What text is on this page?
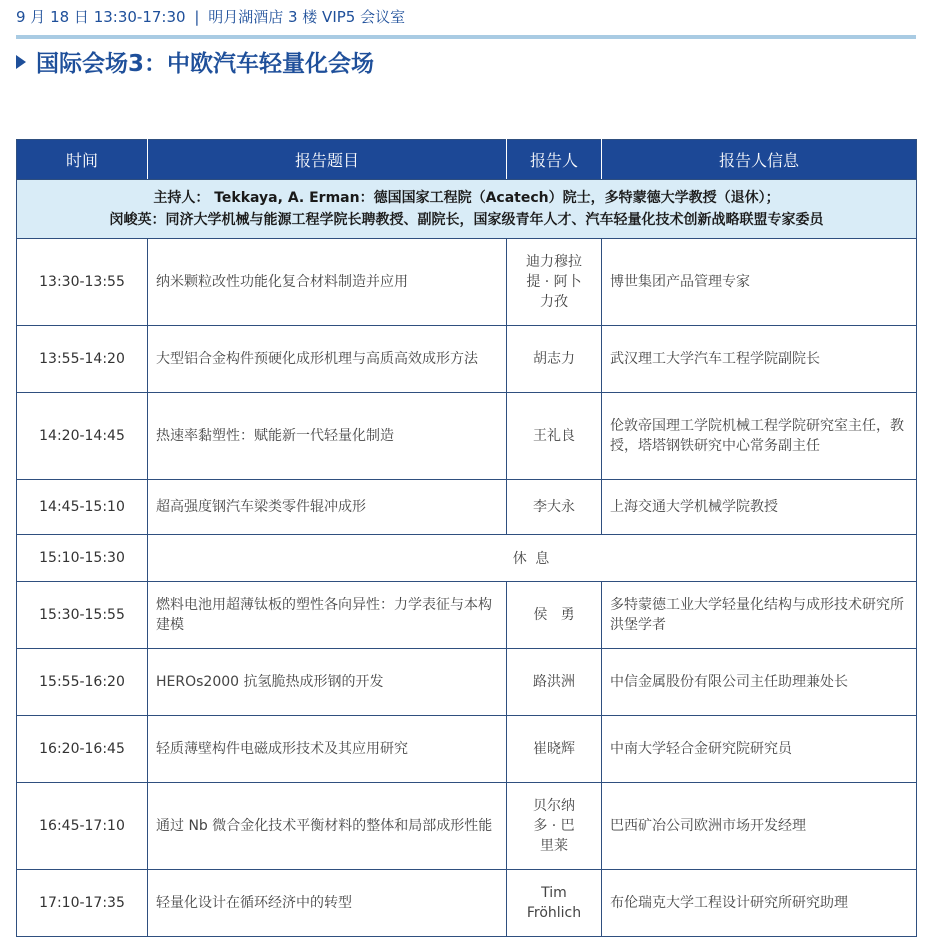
9 月 18 日 13:30-17:30 | 明月湖酒店 3 楼 VIP5 会议室
国际会场3：中欧汽车轻量化会场
时间	报告题目	报告人	报告人信息

主持人： Tekkaya, A. Erman：德国国家工程院（Acatech）院士，多特蒙德大学教授（退休）；
闵峻英：同济大学机械与能源工程学院长聘教授、副院长，国家级青年人才、汽车轻量化技术创新战略联盟专家委员			

13:30-13:55	纳米颗粒改性功能化复合材料制造并应用	迪力穆拉提 · 阿卜力孜	博世集团产品管理专家
13:55-14:20	大型铝合金构件预硬化成形机理与高质高效成形方法	胡志力	武汉理工大学汽车工程学院副院长
14:20-14:45	热速率黏塑性：赋能新一代轻量化制造	王礼良	伦敦帝国理工学院机械工程学院研究室主任，教授，塔塔钢铁研究中心常务副主任
14:45-15:10	超高强度钢汽车梁类零件辊冲成形	李大永	上海交通大学机械学院教授
15:10-15:30	休 息		
15:30-15:55	燃料电池用超薄钛板的塑性各向异性：力学表征与本构建模	侯   勇	多特蒙德工业大学轻量化结构与成形技术研究所洪堡学者
15:55-16:20	HEROs2000 抗氢脆热成形钢的开发	路洪洲	中信金属股份有限公司主任助理兼处长
16:20-16:45	轻质薄壁构件电磁成形技术及其应用研究	崔晓辉	中南大学轻合金研究院研究员
16:45-17:10	通过 Nb 微合金化技术平衡材料的整体和局部成形性能	贝尔纳多 · 巴里莱	巴西矿冶公司欧洲市场开发经理
17:10-17:35	轻量化设计在循环经济中的转型	Tim Fröhlich	布伦瑞克大学工程设计研究所研究助理
